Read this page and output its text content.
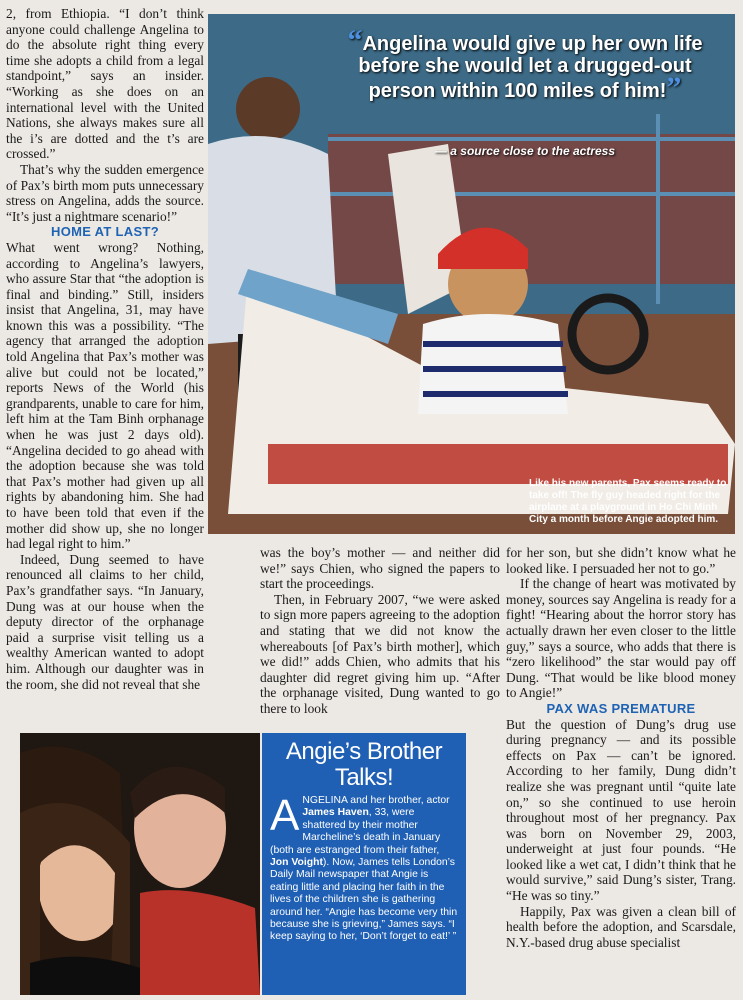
2, from Ethiopia. “I don’t think anyone could challenge Angelina to do the absolute right thing every time she adopts a child from a legal standpoint,” says an insider. “Working as she does on an international level with the United Nations, she always makes sure all the i’s are dotted and the t’s are crossed.”

That’s why the sudden emergence of Pax’s birth mom puts unnecessary stress on Angelina, adds the source. “It’s just a nightmare scenario!”

HOME AT LAST?

What went wrong? Nothing, according to Angelina’s lawyers, who assure Star that “the adoption is final and binding.” Still, insiders insist that Angelina, 31, may have known this was a possibility. “The agency that arranged the adoption told Angelina that Pax’s mother was alive but could not be located,” reports News of the World (his grandparents, unable to care for him, left him at the Tam Binh orphanage when he was just 2 days old). “Angelina decided to go ahead with the adoption because she was told that Pax’s mother had given up all rights by abandoning him. She had to have been told that even if the mother did show up, she no longer had legal right to him.”

Indeed, Dung seemed to have renounced all claims to her child, Pax’s grandfather says. “In January, Dung was at our house when the deputy director of the orphanage paid a surprise visit telling us a wealthy American wanted to adopt him. Although our daughter was in the room, she did not reveal that she

“Angelina would give up her own life before she would let a drugged-out person within 100 miles of him!”
— a source close to the actress
Like his new parents, Pax seems ready to take off! The fly guy headed right for the airplane at a playground in Ho Chi Minh City a month before Angie adopted him.

was the boy’s mother — and neither did we!” says Chien, who signed the papers to start the proceedings.

Then, in February 2007, “we were asked to sign more papers agreeing to the adoption and stating that we did not know the whereabouts [of Pax’s birth mother], which we did!” adds Chien, who admits that his daughter did regret giving him up. “After the orphanage visited, Dung wanted to go there to look

for her son, but she didn’t know what he looked like. I persuaded her not to go.”

If the change of heart was motivated by money, sources say Angelina is ready for a fight! “Hearing about the horror story has actually drawn her even closer to the little guy,” says a source, who adds that there is “zero likelihood” the star would pay off Dung. “That would be like blood money to Angie!”

PAX WAS PREMATURE

But the question of Dung’s drug use during pregnancy — and its possible effects on Pax — can’t be ignored. According to her family, Dung didn’t realize she was pregnant until “quite late on,” so she continued to use heroin throughout most of her pregnancy. Pax was born on November 29, 2003, underweight at just four pounds. “He looked like a wet cat, I didn’t think that he would survive,” said Dung’s sister, Trang. “He was so tiny.”

Happily, Pax was given a clean bill of health before the adoption, and Scarsdale, N.Y.-based drug abuse specialist

Angie’s Brother Talks!
ANGELINA and her brother, actor James Haven, 33, were shattered by their mother Marcheline’s death in January (both are estranged from their father, Jon Voight). Now, James tells London’s Daily Mail newspaper that Angie is eating little and placing her faith in the lives of the children she is gathering around her. “Angie has become very thin because she is grieving,” James says. “I keep saying to her, ‘Don’t forget to eat!’ ”
